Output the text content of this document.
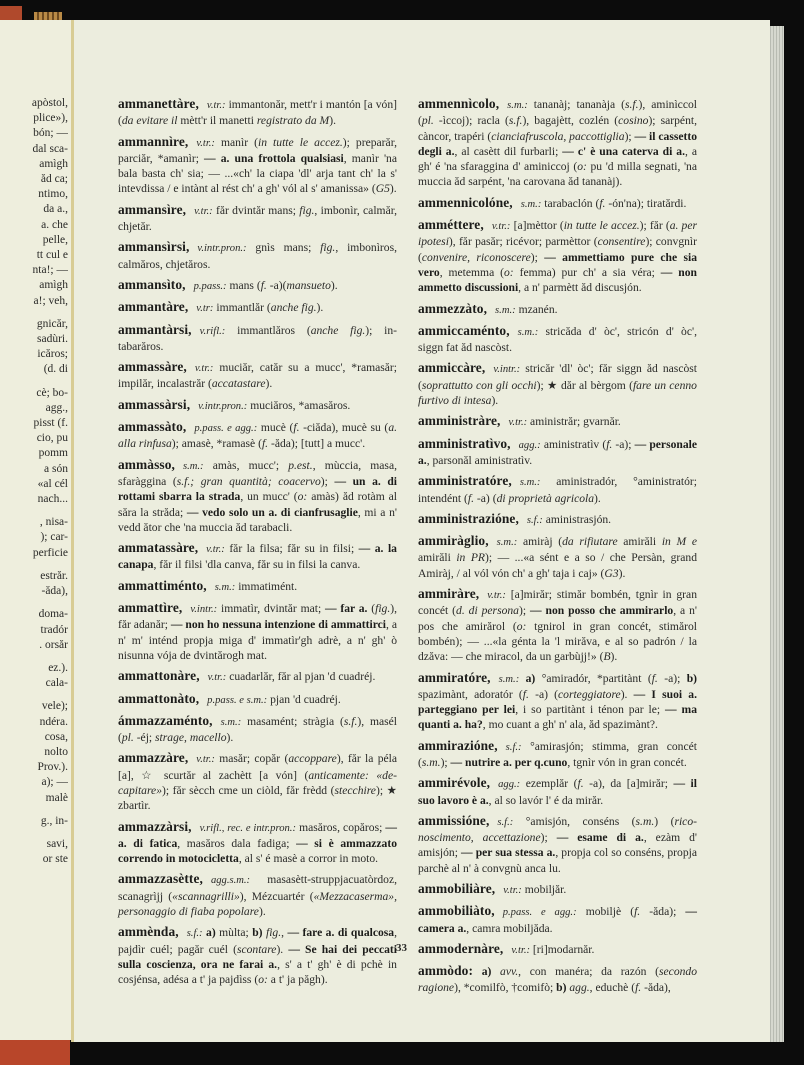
apòstol,
plice»),
bón; —
dal sca-
amìgh
ăd ca;
ntimo,
da a.,
a. che
pelle,
tt cul e
nta!; —
amìgh
a!; veh,
gnicăr,
sadùri.
icăros;
(d. di
cè; bo-
agg.,
pisst (f.
cio, pu
pomm
a són
«al cél
nach...
, nisa-
); car-
perficie
estrăr.
-ăda),
doma-
tradór
. orsăr
ez.).
cala-
vele);
ndéra.
cosa,
nolto
Prov.).
a); —
malè
g., in-
savi,
or ste
ammanettàre, v.tr.: immantonăr, mett'r i mantón [a vón] (da evitare il mètt'r il manetti registrato da M).
ammannìre, v.tr.: manìr (in tutte le accez.); preparăr, parciăr, *amanìr; — a. una frottola qualsiasi, manìr 'na bala basta ch' sia; — ...«ch' la ciapa 'dl' arja tant ch' la s' intevdissa / e intànt al rést ch' a gh' vól al s' amanissa» (G5).
ammansìre, v.tr.: făr dvintăr mans; fig., imbonìr, calmăr, chjetăr.
ammansìrsi, v.intr.pron.: gnìs mans; fig., imbonìros, calmăros, chjetăros.
ammansìto, p.pass.: mans (f. -a)(mansueto).
ammantàre, v.tr: immantlăr (anche fig.).
ammantàrsi, v.rifl.: immantlăros (anche fig.); intabarăros.
ammassàre, v.tr.: muciăr, catăr su a mucc', *ramasăr; impilăr, incalastrăr (accatastare).
ammassàrsi, v.intr.pron.: muciăros, *amasăros.
ammassàto, p.pass. e agg.: mucè (f. -ciăda), mucè su (a. alla rinfusa); amasè, *ramasè (f. -ăda); [tutt] a mucc'.
ammàsso, s.m.: amàs, mucc'; p.est., mùccia, masa, sfaràggina (s.f.; gran quantità; coacervo); — un a. di rottami sbarra la strada, un mucc' (o: amàs) ăd rotàm al săra la străda; — vedo solo un a. di cianfrusaglie, mi a n' vedd ător che 'na muccia ăd tarabacli.
ammatassàre, v.tr.: făr la filsa; făr su in filsi; — a. la canapa, făr il filsi 'dla canva, făr su in filsi la canva.
ammattiménto, s.m.: immatimént.
ammattìre, v.intr.: immatìr, dvintăr mat; — far a. (fig.), făr adanăr; — non ho nessuna intenzione di ammattirci, a n' m' inténd propja miga d' immatìr'gh adrè, a n' gh' ò nisunna vója de dvintărogh mat.
ammattonàre, v.tr.: cuadarlăr, făr al pjan 'd cuadréj.
ammattonàto, p.pass. e s.m.: pjan 'd cuadréj.
ámmazzaménto, s.m.: masamént; stràgia (s.f.), masél (pl. -éj; strage, macello).
ammazzàre, v.tr.: masăr; copăr (accoppare), făr la péla [a], ☆ scurtăr al zachètt [a vón] (anticamente: «decapitare»); făr sècch cme un ciòld, făr frèdd (stecchire); ★ zbartìr.
ammazzàrsi, v.rifl., rec. e intr.pron.: masăros, copăros; — a. di fatica, masăros dala fadiga; — si è ammazzato correndo in motocicletta, al s' é masè a corror in moto.
ammazzasètte, agg.s.m.: masasètt-struppjacuatòrdoz, scanagrìjj («scannagrilli»), Mézcuartér («Mezzacaserma», personaggio di fiaba popolare).
ammènda, s.f.: a) mùlta; b) fig., — fare a. di qualcosa, pajdìr cuél; pagăr cuél (scontare). — Se hai dei peccati sulla coscienza, ora ne farai a., s' a t' gh' è di pchè in cosjénsa, adésa a t' ja pajdìss (o: a t' ja păgh).
ammennìcolo, s.m.: tananàj; tananàja (s.f.), aminìccol (pl. -ìccoj); racla (s.f.), bagajètt, cozlén (cosino); sarpént, càncor, trapéri (cianciafruscola, paccottiglia); — il cassetto degli a., al casètt dil furbarli; — c' è una caterva di a., a gh' é 'na sfaraggina d' aminiccoj (o: pu 'd milla segnati, 'na muccia ăd sarpént, 'na carovana ăd tananàj).
ammennicolóne, s.m.: tarabaclón (f. -ón'na); tiratărdi.
amméttere, v.tr.: [a]mèttor (in tutte le accez.); făr (a. per ipotesi), făr pasăr; ricévor; parmèttor (consentire); convgnìr (convenire, riconoscere); — ammettiamo pure che sia vero, metemma (o: femma) pur ch' a sia véra; — non ammetto discussioni, a n' parmètt ăd discusjón.
ammezzàto, s.m.: mzanén.
ammiccaménto, s.m.: stricăda d' òc', stricón d' òc', siggn fat ăd nascòst.
ammiccàre, v.intr.: stricăr 'dl' òc'; făr siggn ăd nascòst (soprattutto con gli occhi); ★ dăr al bèrgom (fare un cenno furtivo di intesa).
amministràre, v.tr.: aministrăr; gvarnăr.
amministratìvo, agg.: aministratìv (f. -a); — personale a., parsonăl aministratìv.
amministratóre, s.m.: aministradór, °aministratór; intendént (f. -a) (di proprietà agricola).
amministrazióne, s.f.: aministrasjón.
ammiràglio, s.m.: amiràj (da rifiutare amirăli in M e amirăli in PR); — ...«a sént e a so / che Persàn, grand Amiràj, / al vól vón ch' a gh' taja i caj» (G3).
ammiràre, v.tr.: [a]mirăr; stimăr bombén, tgnìr in gran concét (d. di persona); — non posso che ammirarlo, a n' pos che amirărol (o: tgnirol in gran concét, stimărol bombén); — ...«la génta la 'l mirăva, e al so padrón / la dzăva: — che miracol, da un garbùjj!» (B).
ammiratóre, s.m.: a) °amiradór, *partitànt (f. -a); b) spazimànt, adoratór (f. -a) (corteggiatore). — I suoi a. parteggiano per lei, i so partitànt i ténon par le; — ma quanti a. ha?, mo cuant a gh' n' ala, ăd spazimànt?.
ammirazióne, s.f.: °amirasjón; stimma, gran concét (s.m.); — nutrire a. per q.cuno, tgnìr vón in gran concét.
ammirévole, agg.: ezemplăr (f. -a), da [a]mirăr; — il suo lavoro è a., al so lavór l' é da mirăr.
ammissióne, s.f.: °amisjón, conséns (s.m.) (riconoscimento, accettazione); — esame di a., ezàm d' amisjón; — per sua stessa a., propja col so conséns, propja parchè al n' à convgnù anca lu.
ammobiliàre, v.tr.: mobiljăr.
ammobiliàto, p.pass. e agg.: mobiljè (f. -ăda); — camera a., camra mobiljăda.
ammodernàre, v.tr.: [ri]modarnăr.
ammòdo: a) avv., con manéra; da razón (secondo ragione), *comilfò, †comifò; b) agg., educhè (f. -ăda),
33
